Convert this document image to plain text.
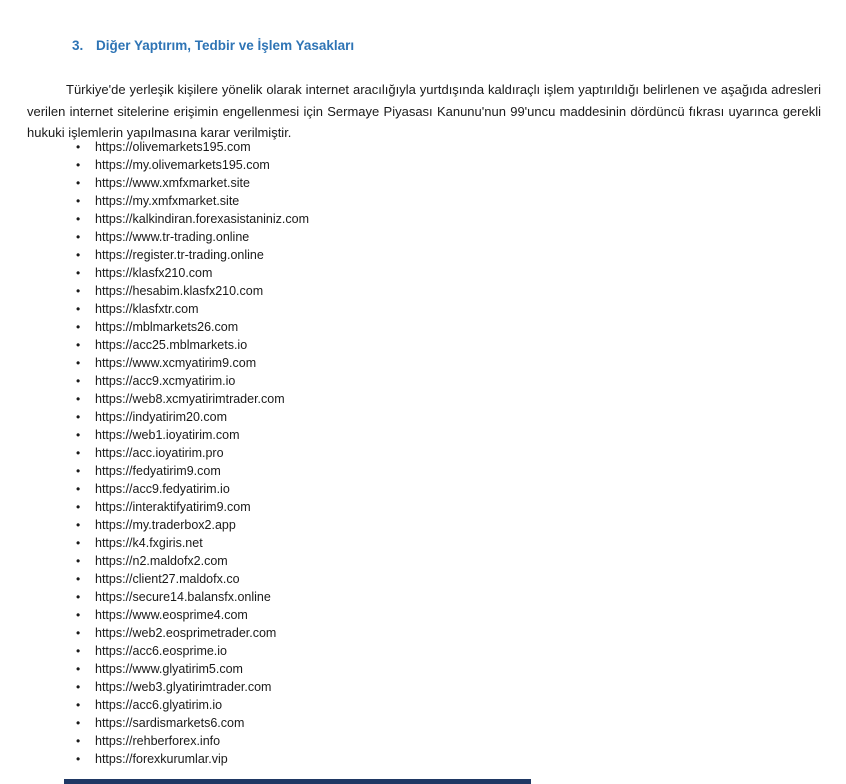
3. Diğer Yaptırım, Tedbir ve İşlem Yasakları

Türkiye'de yerleşik kişilere yönelik olarak internet aracılığıyla yurtdışında kaldıraçlı işlem yaptırıldığı belirlenen ve aşağıda adresleri verilen internet sitelerine erişimin engellenmesi için Sermaye Piyasası Kanunu'nun 99'uncu maddesinin dördüncü fıkrası uyarınca gerekli hukuki işlemlerin yapılmasına karar verilmiştir.

•	https://olivemarkets195.com
•	https://my.olivemarkets195.com
•	https://www.xmfxmarket.site
•	https://my.xmfxmarket.site
•	https://kalkindiran.forexasistaniniz.com
•	https://www.tr-trading.online
•	https://register.tr-trading.online
•	https://klasfx210.com
•	https://hesabim.klasfx210.com
•	https://klasfxtr.com
•	https://mblmarkets26.com
•	https://acc25.mblmarkets.io
•	https://www.xcmyatirim9.com
•	https://acc9.xcmyatirim.io
•	https://web8.xcmyatirimtrader.com
•	https://indyatirim20.com
•	https://web1.ioyatirim.com
•	https://acc.ioyatirim.pro
•	https://fedyatirim9.com
•	https://acc9.fedyatirim.io
•	https://interaktifyatirim9.com
•	https://my.traderbox2.app
•	https://k4.fxgiris.net
•	https://n2.maldofx2.com
•	https://client27.maldofx.co
•	https://secure14.balansfx.online
•	https://www.eosprime4.com
•	https://web2.eosprimetrader.com
•	https://acc6.eosprime.io
•	https://www.glyatirim5.com
•	https://web3.glyatirimtrader.com
•	https://acc6.glyatirim.io
•	https://sardismarkets6.com
•	https://rehberforex.info
•	https://forexkurumlar.vip
